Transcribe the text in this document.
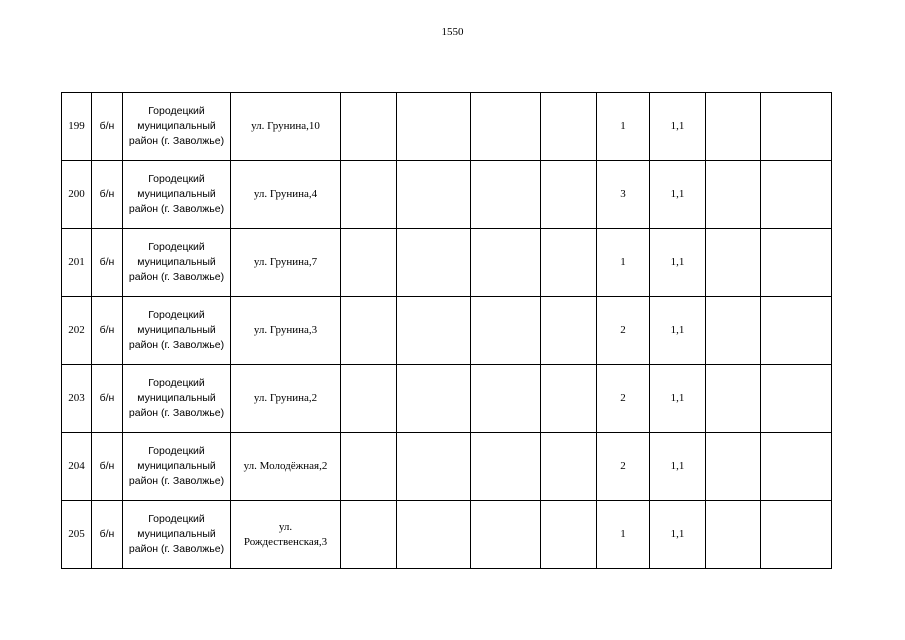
1550
199	б/н	Городецкий
муниципальный
район (г. Заволжье)	ул. Грунина,10					1	1,1		
200	б/н	Городецкий
муниципальный
район (г. Заволжье)	ул. Грунина,4					3	1,1		
201	б/н	Городецкий
муниципальный
район (г. Заволжье)	ул. Грунина,7					1	1,1		
202	б/н	Городецкий
муниципальный
район (г. Заволжье)	ул. Грунина,3					2	1,1		
203	б/н	Городецкий
муниципальный
район (г. Заволжье)	ул. Грунина,2					2	1,1		
204	б/н	Городецкий
муниципальный
район (г. Заволжье)	ул. Молодёжная,2					2	1,1		
205	б/н	Городецкий
муниципальный
район (г. Заволжье)	ул.
Рождественская,3					1	1,1		
